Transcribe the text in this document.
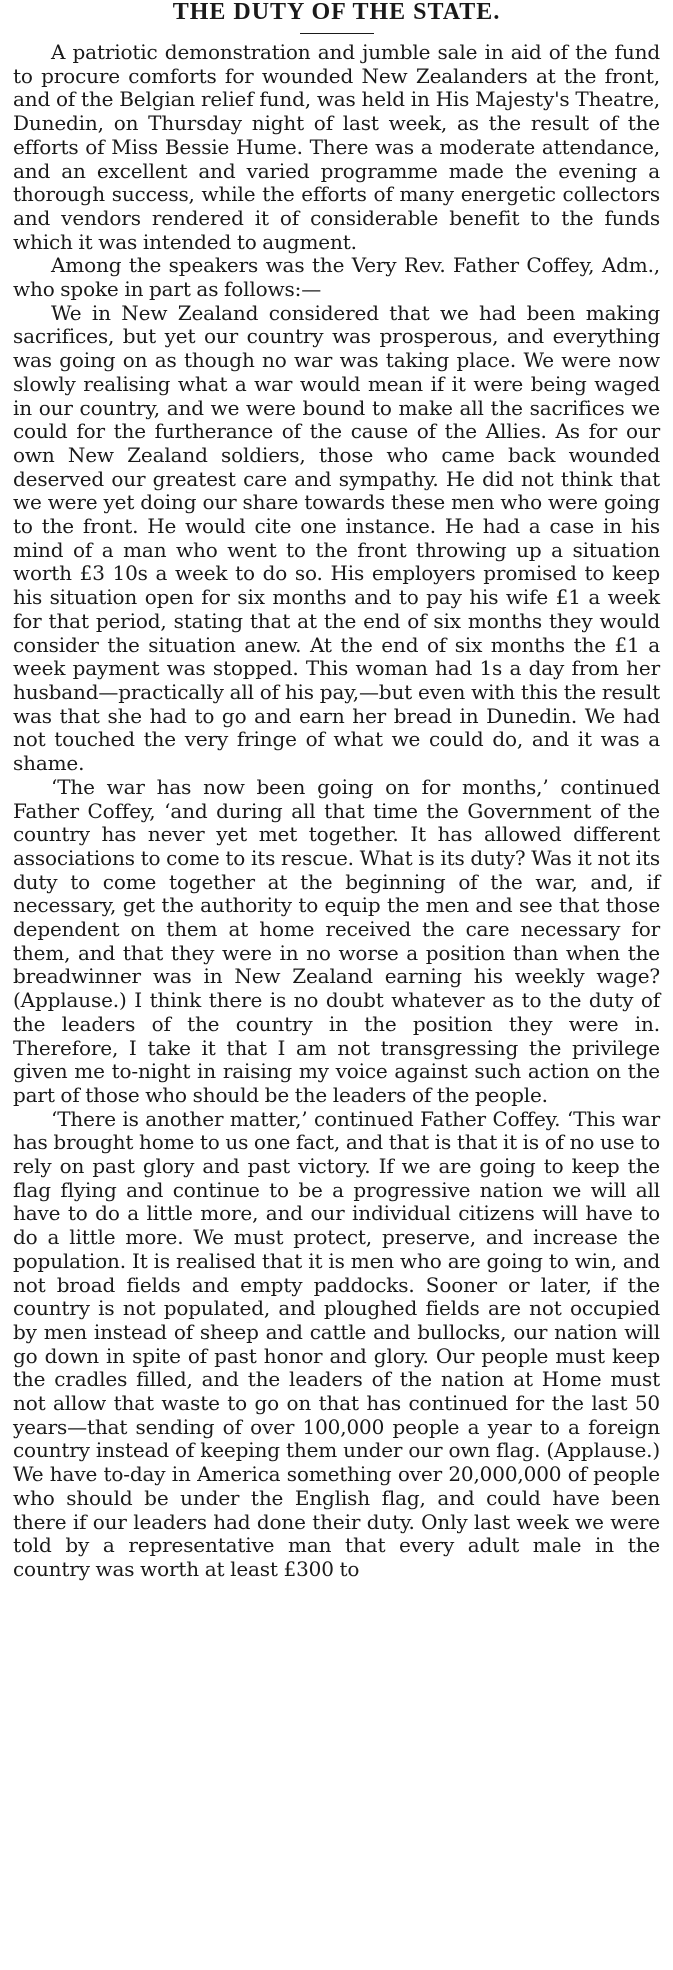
THE DUTY OF THE STATE.

A patriotic demonstration and jumble sale in aid of the fund to procure comforts for wounded New Zealanders at the front, and of the Belgian relief fund, was held in His Majesty's Theatre, Dunedin, on Thursday night of last week, as the result of the efforts of Miss Bessie Hume. There was a moderate attendance, and an excellent and varied programme made the evening a thorough success, while the efforts of many energetic collectors and vendors rendered it of considerable benefit to the funds which it was intended to augment.

Among the speakers was the Very Rev. Father Coffey, Adm., who spoke in part as follows:—

We in New Zealand considered that we had been making sacrifices, but yet our country was prosperous, and everything was going on as though no war was taking place. We were now slowly realising what a war would mean if it were being waged in our country, and we were bound to make all the sacrifices we could for the furtherance of the cause of the Allies. As for our own New Zealand soldiers, those who came back wounded deserved our greatest care and sympathy. He did not think that we were yet doing our share towards these men who were going to the front. He would cite one instance. He had a case in his mind of a man who went to the front throwing up a situation worth £3 10s a week to do so. His employers promised to keep his situation open for six months and to pay his wife £1 a week for that period, stating that at the end of six months they would consider the situation anew. At the end of six months the £1 a week payment was stopped. This woman had 1s a day from her husband—practically all of his pay,—but even with this the result was that she had to go and earn her bread in Dunedin. We had not touched the very fringe of what we could do, and it was a shame.

‘The war has now been going on for months,’ continued Father Coffey, ‘and during all that time the Government of the country has never yet met together. It has allowed different associations to come to its rescue. What is its duty? Was it not its duty to come together at the beginning of the war, and, if necessary, get the authority to equip the men and see that those dependent on them at home received the care necessary for them, and that they were in no worse a position than when the breadwinner was in New Zealand earning his weekly wage? (Applause.) I think there is no doubt whatever as to the duty of the leaders of the country in the position they were in. Therefore, I take it that I am not transgressing the privilege given me to-night in raising my voice against such action on the part of those who should be the leaders of the people.

‘There is another matter,’ continued Father Coffey. ‘This war has brought home to us one fact, and that is that it is of no use to rely on past glory and past victory. If we are going to keep the flag flying and continue to be a progressive nation we will all have to do a little more, and our individual citizens will have to do a little more. We must protect, preserve, and increase the population. It is realised that it is men who are going to win, and not broad fields and empty paddocks. Sooner or later, if the country is not populated, and ploughed fields are not occupied by men instead of sheep and cattle and bullocks, our nation will go down in spite of past honor and glory. Our people must keep the cradles filled, and the leaders of the nation at Home must not allow that waste to go on that has continued for the last 50 years—that sending of over 100,000 people a year to a foreign country instead of keeping them under our own flag. (Applause.) We have to-day in America something over 20,000,000 of people who should be under the English flag, and could have been there if our leaders had done their duty. Only last week we were told by a representative man that every adult male in the country was worth at least £300 to
